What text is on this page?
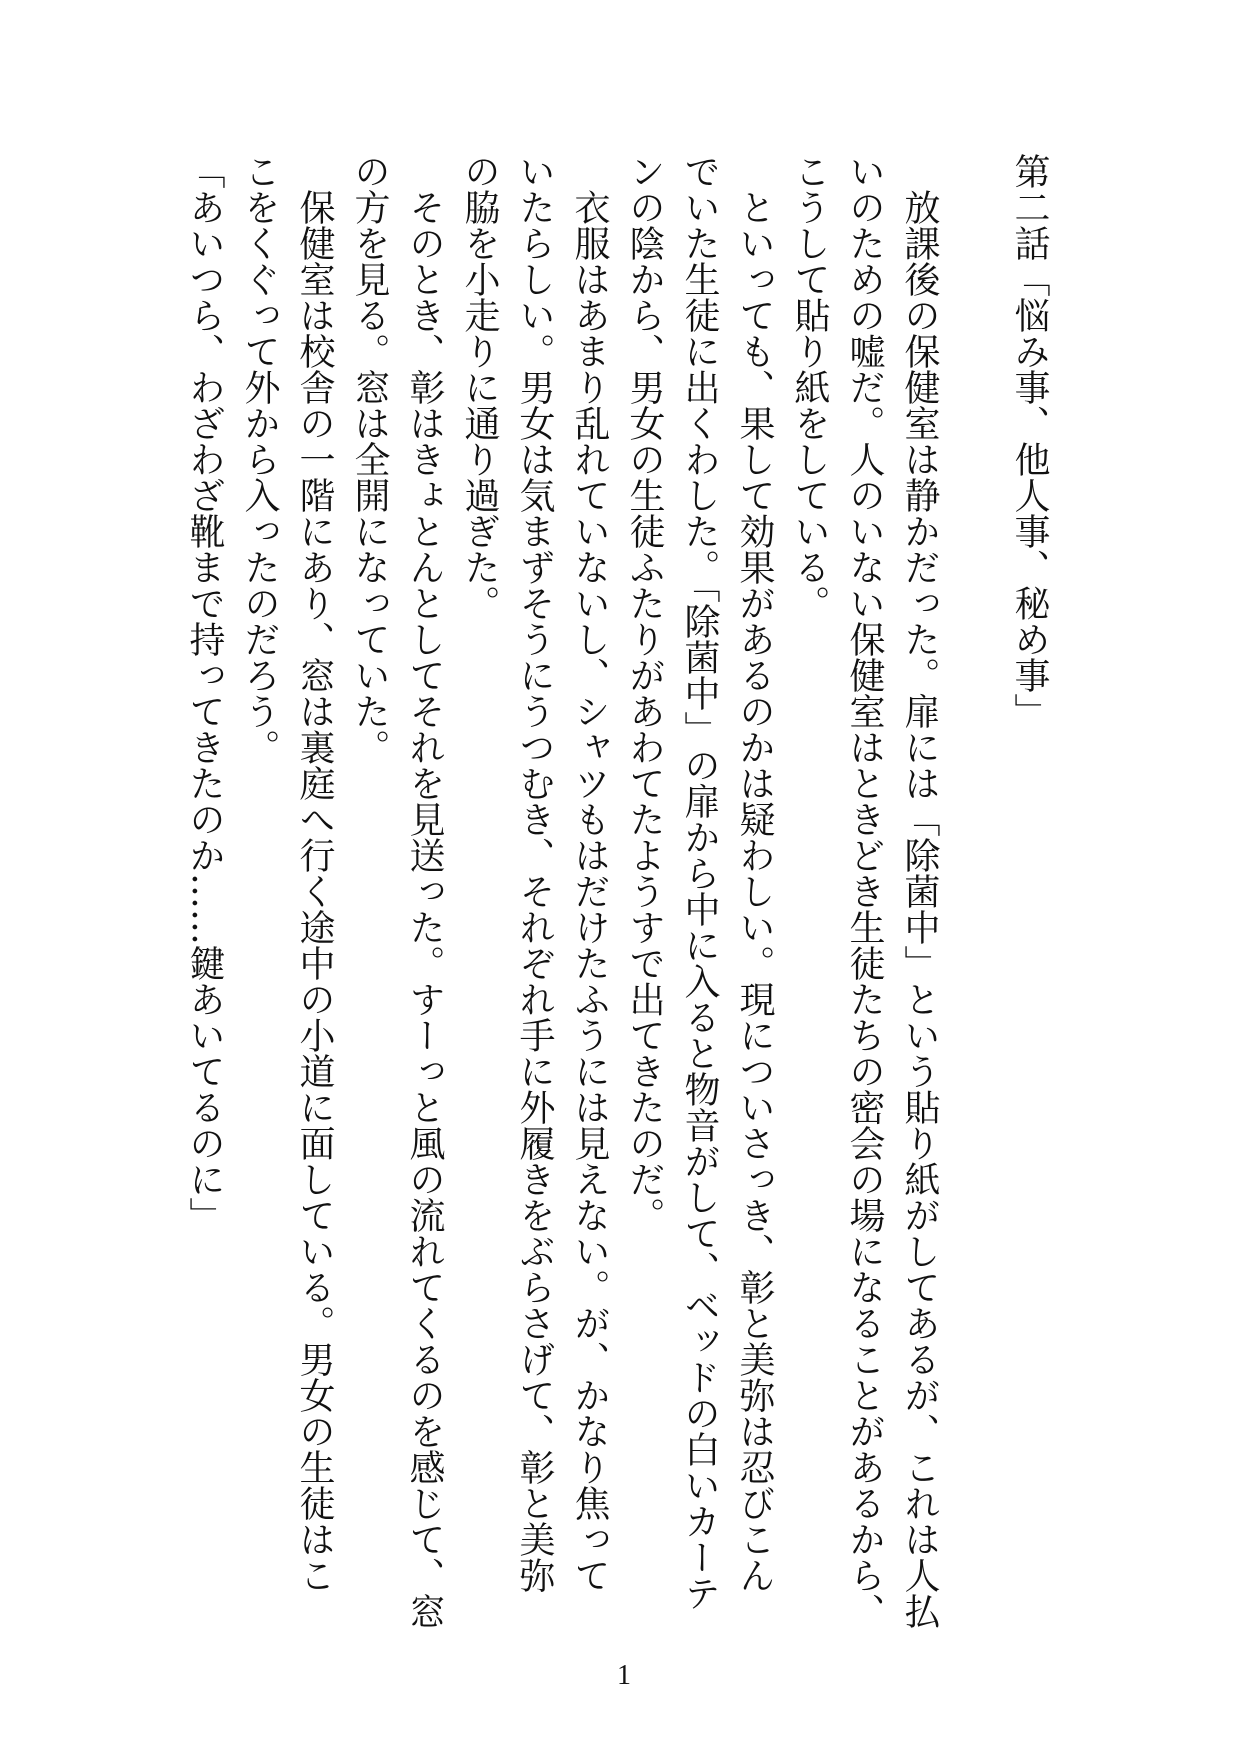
第二話「悩み事、他人事、秘め事」
放課後の保健室は静かだった。扉には「除菌中」という貼り紙がしてあるが、これは人払
いのための嘘だ。人のいない保健室はときどき生徒たちの密会の場になることがあるから、
こうして貼り紙をしている。
といっても、果して効果があるのかは疑わしい。現についさっき、彰と美弥は忍びこん
でいた生徒に出くわした。「除菌中」の扉から中に入ると物音がして、ベッドの白いカーテ
ンの陰から、男女の生徒ふたりがあわてたようすで出てきたのだ。
衣服はあまり乱れていないし、シャツもはだけたふうには見えない。が、かなり焦って
いたらしい。男女は気まずそうにうつむき、それぞれ手に外履きをぶらさげて、彰と美弥
の脇を小走りに通り過ぎた。
そのとき、彰はきょとんとしてそれを見送った。すーっと風の流れてくるのを感じて、窓
の方を見る。窓は全開になっていた。
保健室は校舎の一階にあり、窓は裏庭へ行く途中の小道に面している。男女の生徒はこ
こをくぐって外から入ったのだろう。
「あいつら、わざわざ靴まで持ってきたのか……鍵あいてるのに」
1
